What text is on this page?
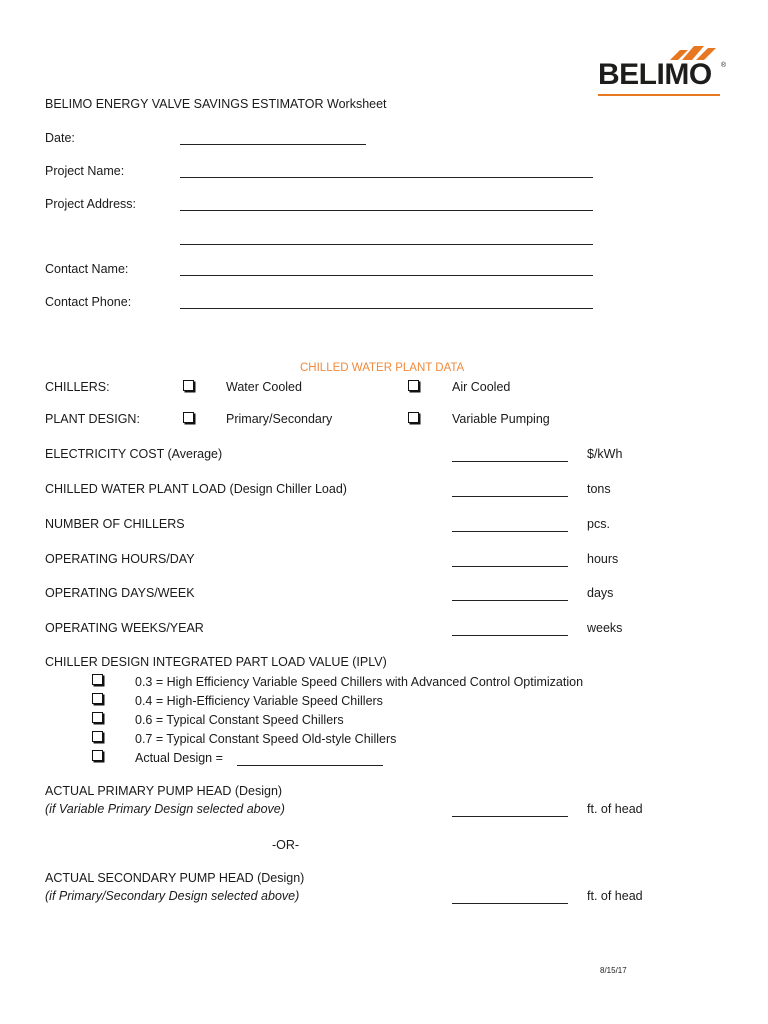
BELIMO ®
BELIMO ENERGY VALVE SAVINGS ESTIMATOR Worksheet
Date:
Project Name:
Project Address:
Contact Name:
Contact Phone:
CHILLED WATER PLANT DATA
CHILLERS:	Water Cooled	Air Cooled
PLANT DESIGN:	Primary/Secondary	Variable Pumping
ELECTRICITY COST (Average)	$/kWh
CHILLED WATER PLANT LOAD (Design Chiller Load)	tons
NUMBER OF CHILLERS	pcs.
OPERATING HOURS/DAY	hours
OPERATING DAYS/WEEK	days
OPERATING WEEKS/YEAR	weeks
CHILLER DESIGN INTEGRATED PART LOAD VALUE (IPLV)
0.3 = High Efficiency Variable Speed Chillers with Advanced Control Optimization
0.4 = High-Efficiency Variable Speed Chillers
0.6 = Typical Constant Speed Chillers
0.7 = Typical Constant Speed Old-style Chillers
Actual Design =
ACTUAL PRIMARY PUMP HEAD (Design)
(if Variable Primary Design selected above)	ft. of head
-OR-
ACTUAL SECONDARY PUMP HEAD (Design)
(if Primary/Secondary Design selected above)	ft. of head
8/15/17
